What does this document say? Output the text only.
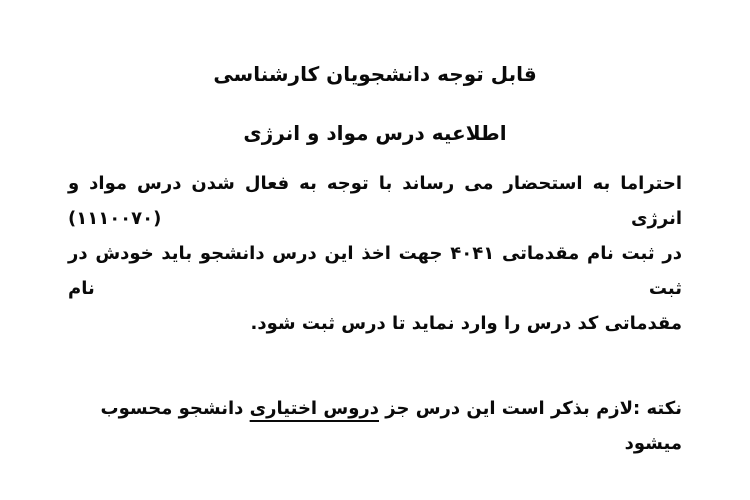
قابل توجه دانشجویان کارشناسی
اطلاعیه درس مواد و انرژی
احتراما به استحضار می رساند با توجه به فعال شدن درس مواد و انرژی (۱۱۱۰۰۷۰)
در ثبت نام مقدماتی ۴۰۴۱ جهت اخذ این درس دانشجو باید خودش در ثبت نام
مقدماتی کد درس را وارد نماید تا درس ثبت شود.

نکته :لازم بذکر است این درس جز دروس اختیاری دانشجو محسوب میشود
